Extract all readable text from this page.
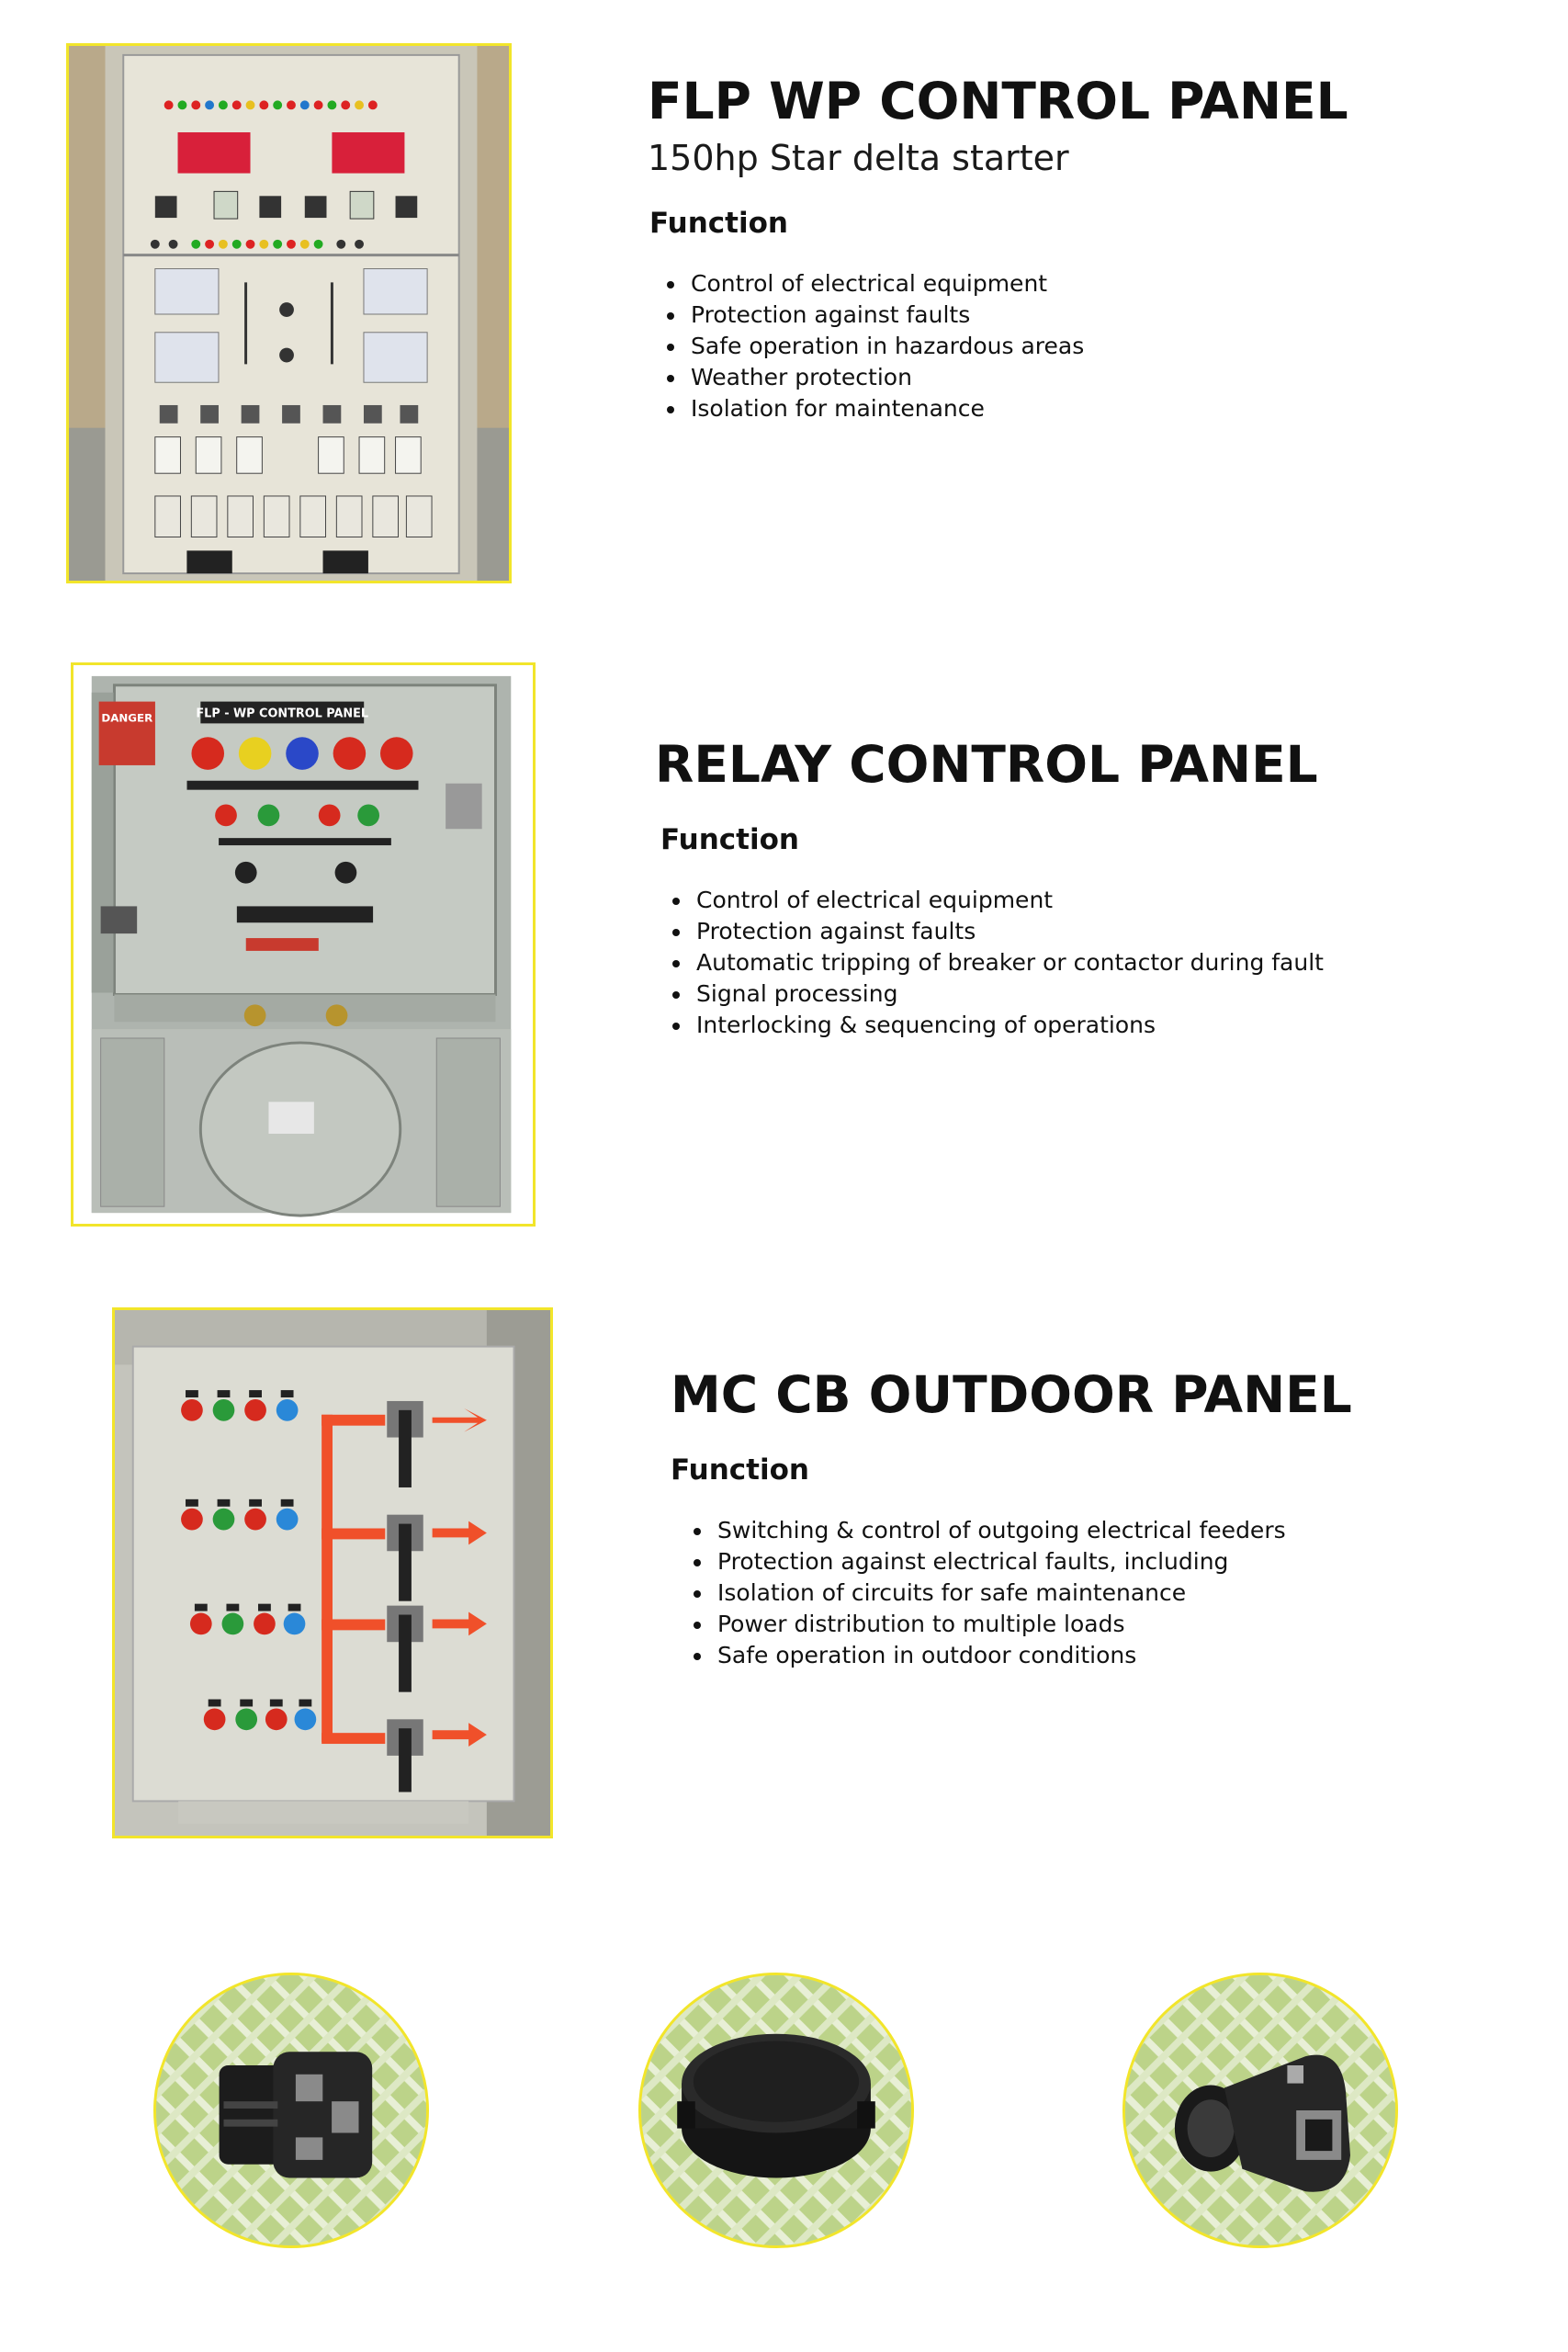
FLP WP CONTROL PANEL

150hp Star delta starter

Function

• Control of electrical equipment
• Protection against faults
• Safe operation in hazardous areas
• Weather protection
• Isolation for maintenance
DANGER	FLP - WP CONTROL PANEL
RELAY CONTROL PANEL

Function

• Control of electrical equipment
• Protection against faults
• Automatic tripping of breaker or contactor during fault
• Signal processing
• Interlocking & sequencing of operations
MC CB OUTDOOR PANEL

Function

• Switching & control of outgoing electrical feeders
• Protection against electrical faults, including
• Isolation of circuits for safe maintenance
• Power distribution to multiple loads
• Safe operation in outdoor conditions
